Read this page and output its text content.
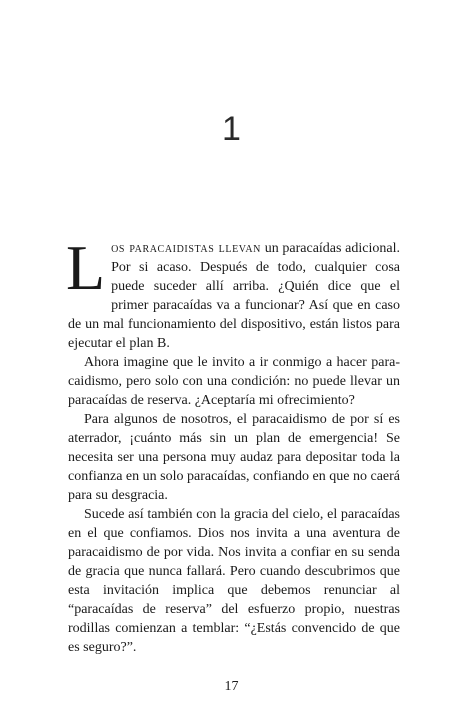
1

Los paracaidistas llevan un paracaídas adicional. Por si acaso. Después de todo, cualquier cosa puede suceder allí arriba. ¿Quién dice que el primer paracaídas va a funcionar? Así que en caso de un mal funcionamiento del dispositivo, están listos para ejecutar el plan B.

Ahora imagine que le invito a ir conmigo a hacer paracaidismo, pero solo con una condición: no puede llevar un paracaídas de reserva. ¿Aceptaría mi ofrecimiento?

Para algunos de nosotros, el paracaidismo de por sí es aterrador, ¡cuánto más sin un plan de emergencia! Se necesita ser una persona muy audaz para depositar toda la confianza en un solo paracaídas, confiando en que no caerá para su desgracia.

Sucede así también con la gracia del cielo, el paracaídas en el que confiamos. Dios nos invita a una aventura de paracaidismo de por vida. Nos invita a confiar en su senda de gracia que nunca fallará. Pero cuando descubrimos que esta invitación implica que debemos renunciar al “paracaídas de reserva” del esfuerzo propio, nuestras rodillas comienzan a temblar: “¿Estás convencido de que es seguro?”.

17
